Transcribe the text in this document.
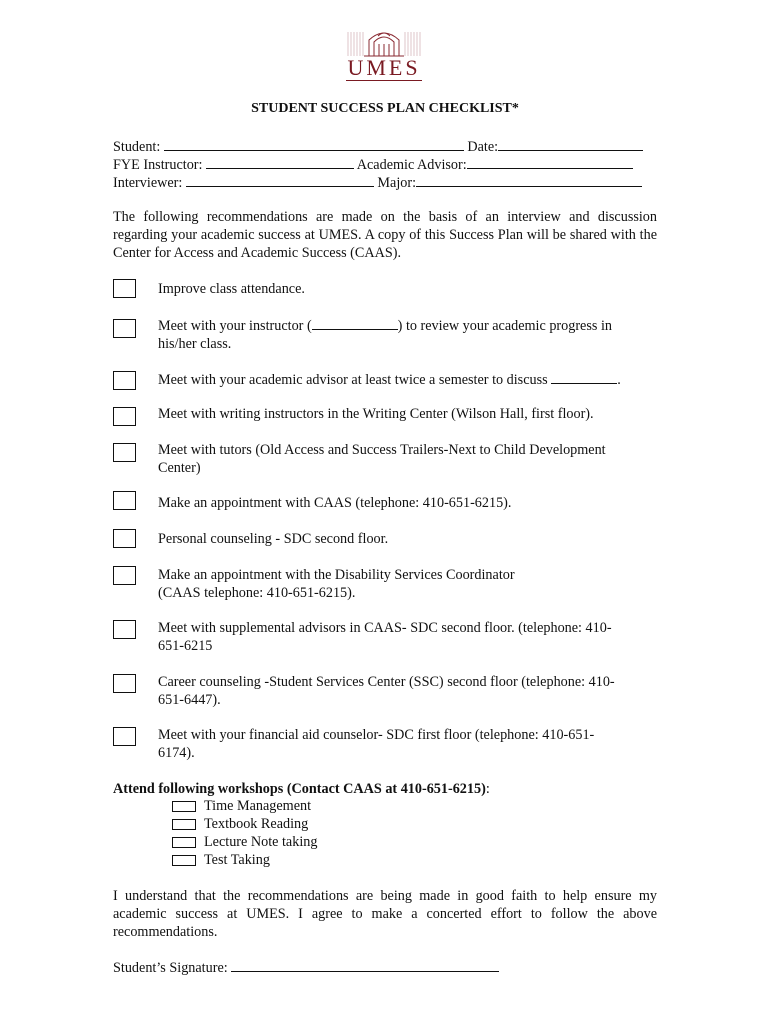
UMES
STUDENT SUCCESS PLAN CHECKLIST*
Student:	Date:
FYE Instructor:	Academic Advisor:
Interviewer:	Major:
The following recommendations are made on the basis of an interview and discussion regarding your academic success at UMES. A copy of this Success Plan will be shared with the Center for Access and Academic Success (CAAS).
Improve class attendance.
Meet with your instructor (	) to review your academic progress in
his/her class.
Meet with your academic advisor at least twice a semester to discuss	.
Meet with writing instructors in the Writing Center (Wilson Hall, first floor).
Meet with tutors (Old Access and Success Trailers-Next to Child Development
Center)
Make an appointment with CAAS (telephone: 410-651-6215).
Personal counseling - SDC second floor.
Make an appointment with the Disability Services Coordinator
(CAAS telephone: 410-651-6215).
Meet with supplemental advisors in CAAS- SDC second floor. (telephone: 410-
651-6215
Career counseling -Student Services Center (SSC) second floor (telephone: 410-
651-6447).
Meet with your financial aid counselor- SDC first floor (telephone: 410-651-
6174).
Attend following workshops (Contact CAAS at 410-651-6215):
Time Management
Textbook Reading
Lecture Note taking
Test Taking
I understand that the recommendations are being made in good faith to help ensure my academic success at UMES. I agree to make a concerted effort to follow the above recommendations.
Student’s Signature:
